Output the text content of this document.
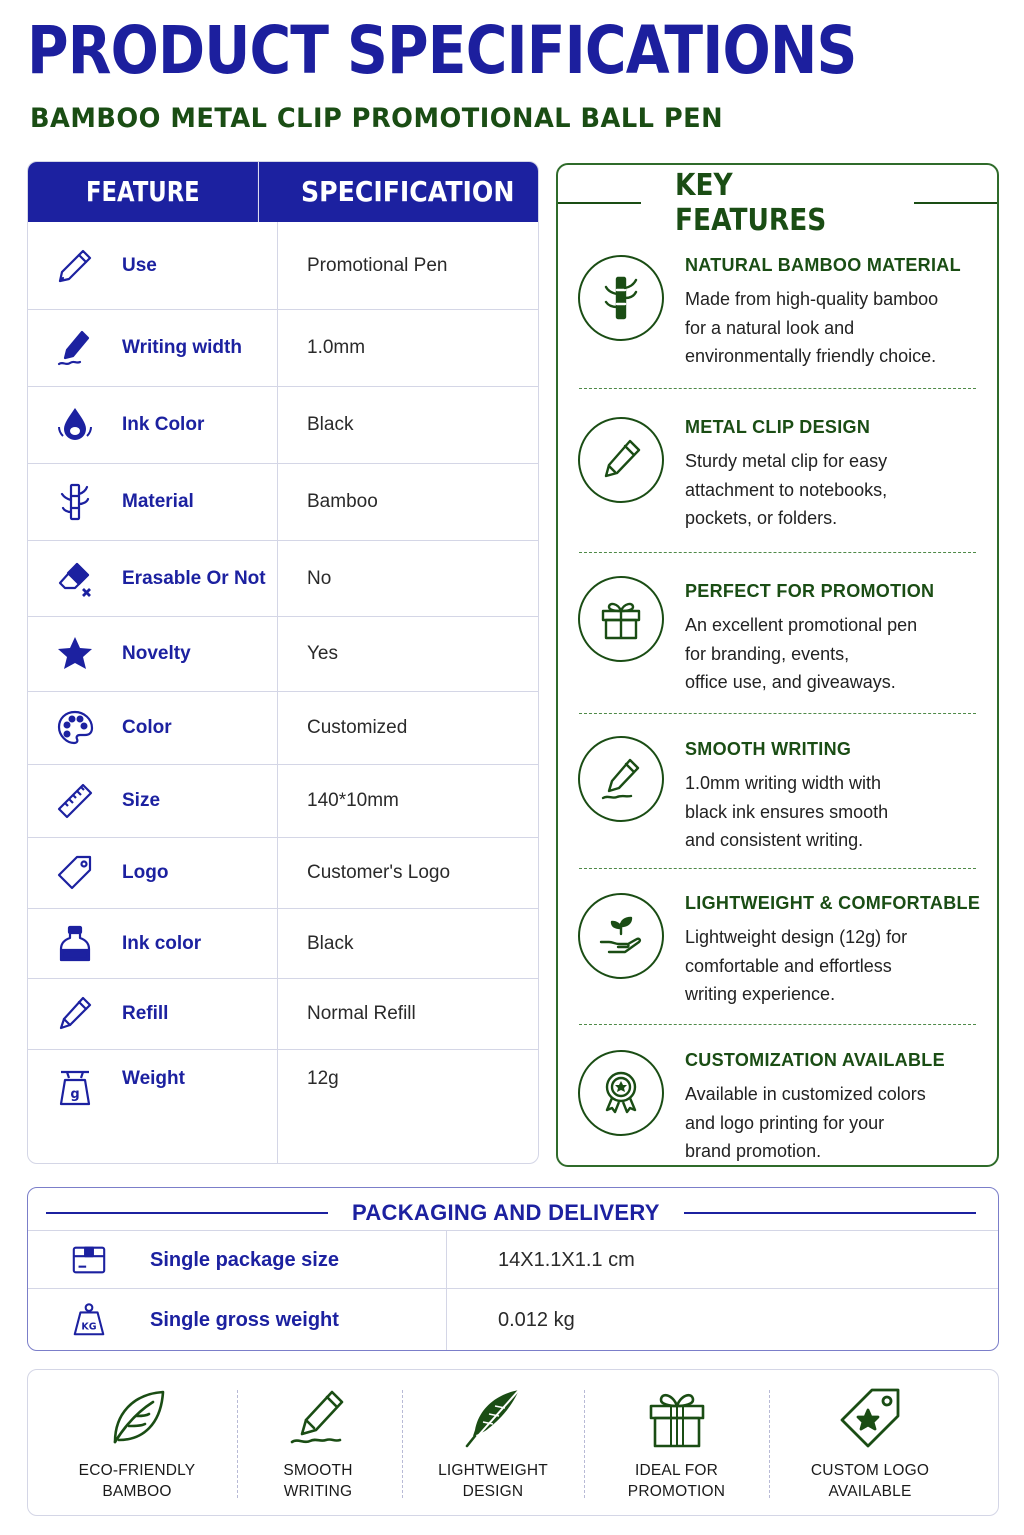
PRODUCT SPECIFICATIONS
BAMBOO METAL CLIP PROMOTIONAL BALL PEN
FEATURE	SPECIFICATION
Use	Promotional Pen
Writing width	1.0mm
Ink Color	Black
Material	Bamboo
Erasable Or Not	No
Novelty	Yes
Color	Customized
Size	140*10mm
Logo	Customer's Logo
Ink color	Black
Refill	Normal Refill
g
Weight	12g
KEY FEATURES
NATURAL BAMBOO MATERIAL
Made from high-quality bamboo
for a natural look and
environmentally friendly choice.
METAL CLIP DESIGN
Sturdy metal clip for easy
attachment to notebooks,
pockets, or folders.
PERFECT FOR PROMOTION
An excellent promotional pen
for branding, events,
office use, and giveaways.
SMOOTH WRITING
1.0mm writing width with
black ink ensures smooth
and consistent writing.
LIGHTWEIGHT & COMFORTABLE
Lightweight design (12g) for
comfortable and effortless
writing experience.
CUSTOMIZATION AVAILABLE
Available in customized colors
and logo printing for your
brand promotion.
PACKAGING AND DELIVERY
Single package size	14X1.1X1.1 cm
KG	Single gross weight	0.012 kg
ECO-FRIENDLY
BAMBOO
SMOOTH
WRITING
LIGHTWEIGHT
DESIGN
IDEAL FOR
PROMOTION
CUSTOM LOGO
AVAILABLE
